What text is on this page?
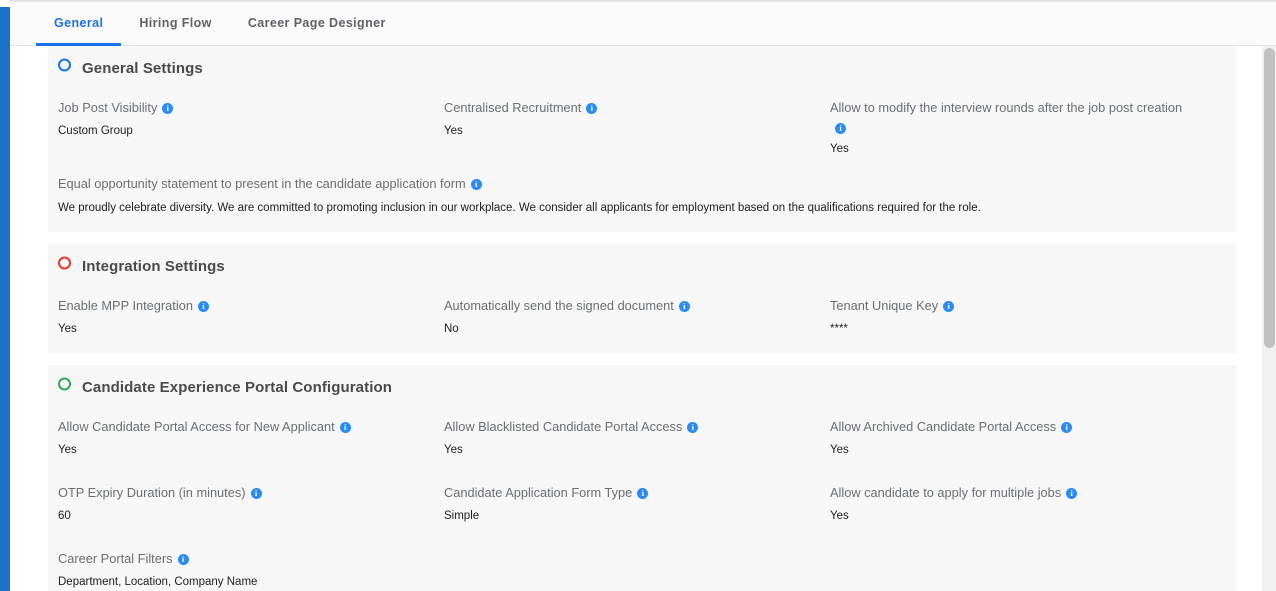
General	Hiring Flow	Career Page Designer
General Settings
Job Post Visibility i
Custom Group
Centralised Recruitment i
Yes
Allow to modify the interview rounds after the job post creationi
Yes
Equal opportunity statement to present in the candidate application form i
We proudly celebrate diversity. We are committed to promoting inclusion in our workplace. We consider all applicants for employment based on the qualifications required for the role.
Integration Settings
Enable MPP Integration i
Yes
Automatically send the signed document i
No
Tenant Unique Key i
****
Candidate Experience Portal Configuration
Allow Candidate Portal Access for New Applicant i
Yes
Allow Blacklisted Candidate Portal Access i
Yes
Allow Archived Candidate Portal Access i
Yes
OTP Expiry Duration (in minutes) i
60
Candidate Application Form Type i
Simple
Allow candidate to apply for multiple jobs i
Yes
Career Portal Filters i
Department, Location, Company Name
